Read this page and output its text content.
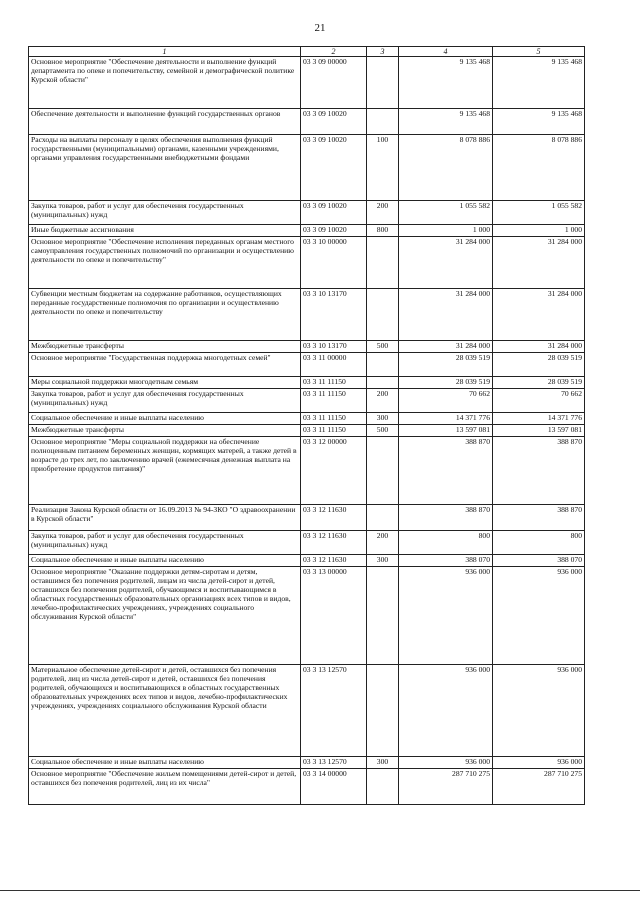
21
1	2	3	4	5
Основное мероприятие "Обеспечение деятельности и выполнение функций департамента по опеке и попечительству, семейной и демографической политике Курской области"	03 3 09 00000		9 135 468	9 135 468
Обеспечение деятельности и выполнение функций государственных органов	03 3 09 10020		9 135 468	9 135 468
Расходы на выплаты персоналу в целях обеспечения выполнения функций государственными (муниципальными) органами, казенными учреждениями, органами управления государственными внебюджетными фондами	03 3 09 10020	100	8 078 886	8 078 886
Закупка товаров, работ и услуг для обеспечения государственных (муниципальных) нужд	03 3 09 10020	200	1 055 582	1 055 582
Иные бюджетные ассигнования	03 3 09 10020	800	1 000	1 000
Основное мероприятие "Обеспечение исполнения переданных органам местного самоуправления государственных полномочий по организации и осуществлению деятельности по опеке и попечительству"	03 3 10 00000		31 284 000	31 284 000
Субвенции местным бюджетам на содержание работников, осуществляющих переданные государственные полномочия по организации и осуществлению деятельности по опеке и попечительству	03 3 10 13170		31 284 000	31 284 000
Межбюджетные трансферты	03 3 10 13170	500	31 284 000	31 284 000
Основное мероприятие "Государственная поддержка многодетных семей"	03 3 11 00000		28 039 519	28 039 519
Меры социальной поддержки многодетным семьям	03 3 11 11150		28 039 519	28 039 519
Закупка товаров, работ и услуг для обеспечения государственных (муниципальных) нужд	03 3 11 11150	200	70 662	70 662
Социальное обеспечение и иные выплаты населению	03 3 11 11150	300	14 371 776	14 371 776
Межбюджетные трансферты	03 3 11 11150	500	13 597 081	13 597 081
Основное мероприятие "Меры социальной поддержки на обеспечение полноценным питанием беременных женщин, кормящих матерей, а также детей в возрасте до трех лет, по заключению врачей (ежемесячная денежная выплата на приобретение продуктов питания)"	03 3 12 00000		388 870	388 870
Реализация Закона Курской области от 16.09.2013 № 94-ЗКО "О здравоохранении в Курской области"	03 3 12 11630		388 870	388 870
Закупка товаров, работ и услуг для обеспечения государственных (муниципальных) нужд	03 3 12 11630	200	800	800
Социальное обеспечение и иные выплаты населению	03 3 12 11630	300	388 070	388 070
Основное мероприятие "Оказание поддержки детям-сиротам и детям, оставшимся без попечения родителей, лицам из числа детей-сирот и детей, оставшихся без попечения родителей, обучающимся и воспитывающимся в областных государственных образовательных организациях всех типов и видов, лечебно-профилактических учреждениях, учреждениях социального обслуживания Курской области"	03 3 13 00000		936 000	936 000
Материальное обеспечение детей-сирот и детей, оставшихся без попечения родителей, лиц из числа детей-сирот и детей, оставшихся без попечения родителей, обучающихся и воспитывающихся в областных государственных образовательных учреждениях всех типов и видов, лечебно-профилактических учреждениях, учреждениях социального обслуживания Курской области	03 3 13 12570		936 000	936 000
Социальное обеспечение и иные выплаты населению	03 3 13 12570	300	936 000	936 000
Основное мероприятие "Обеспечение жильем помещениями детей-сирот и детей, оставшихся без попечения родителей, лиц из их числа"	03 3 14 00000		287 710 275	287 710 275
